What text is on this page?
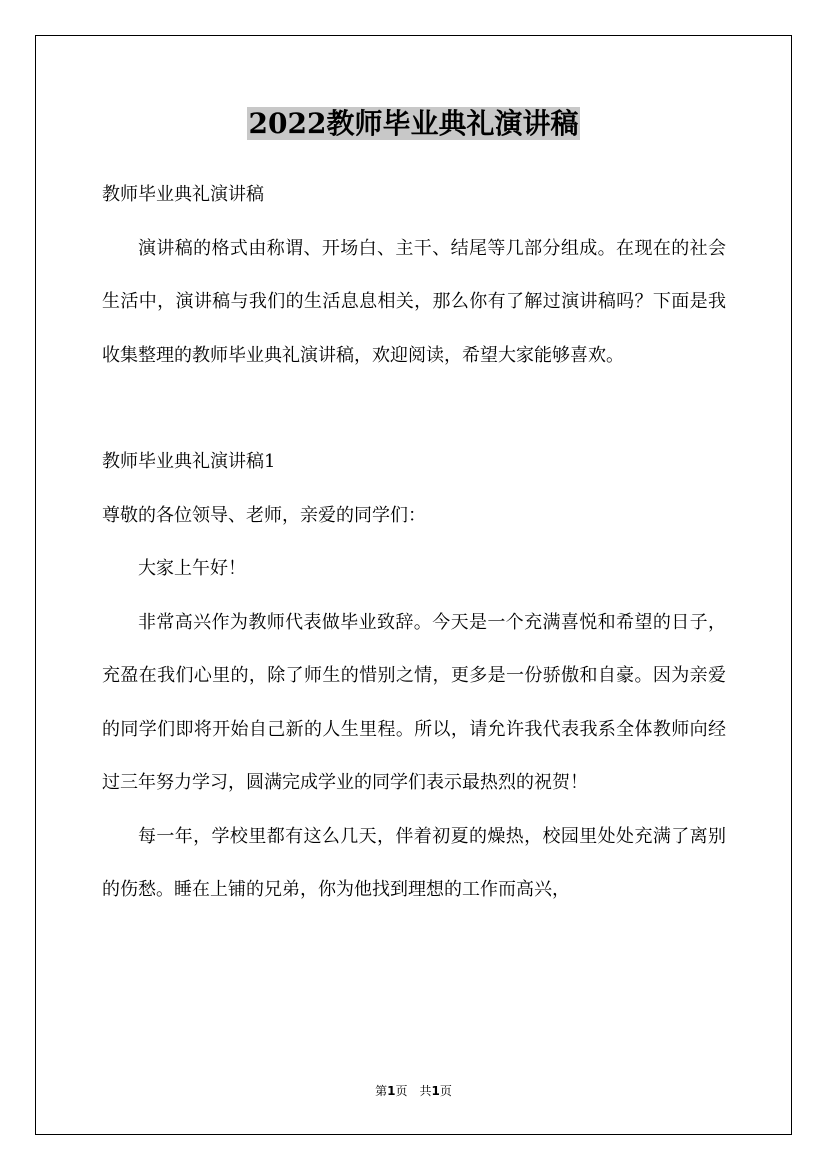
2022教师毕业典礼演讲稿

教师毕业典礼演讲稿

演讲稿的格式由称谓、开场白、主干、结尾等几部分组成。在现在的社会生活中，演讲稿与我们的生活息息相关，那么你有了解过演讲稿吗？下面是我收集整理的教师毕业典礼演讲稿，欢迎阅读，希望大家能够喜欢。

教师毕业典礼演讲稿1

尊敬的各位领导、老师，亲爱的同学们：

大家上午好！

非常高兴作为教师代表做毕业致辞。今天是一个充满喜悦和希望的日子，充盈在我们心里的，除了师生的惜别之情，更多是一份骄傲和自豪。因为亲爱的同学们即将开始自己新的人生里程。所以，请允许我代表我系全体教师向经过三年努力学习，圆满完成学业的同学们表示最热烈的祝贺！

每一年，学校里都有这么几天，伴着初夏的燥热，校园里处处充满了离别的伤愁。睡在上铺的兄弟，你为他找到理想的工作而高兴，

第1页　共1页
